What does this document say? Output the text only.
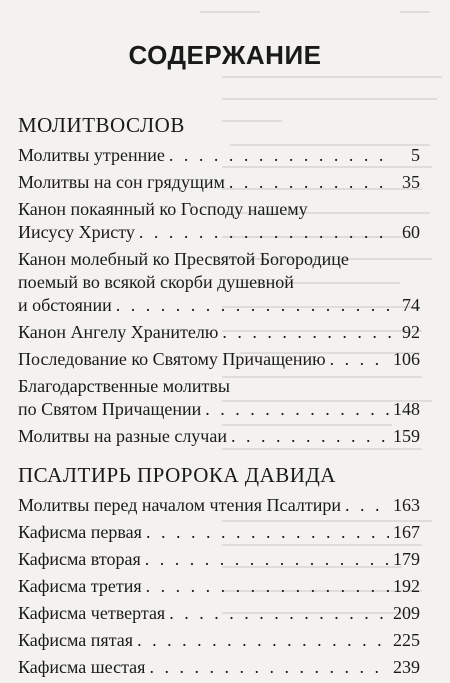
СОДЕРЖАНИЕ
МОЛИТВОСЛОВ
Молитвы утренние . . .	5
Молитвы на сон грядущим . . .	35
Канон покаянный ко Господу нашему
Иисусу Христу . . .	60
Канон молебный ко Пресвятой Богородице
поемый во всякой скорби душевной
и обстоянии . . .	74
Канон Ангелу Хранителю . . .	92
Последование ко Святому Причащению . . .	106
Благодарственные молитвы
по Святом Причащении . . .	148
Молитвы на разные случаи . . .	159
ПСАЛТИРЬ ПРОРОКА ДАВИДА
Молитвы перед началом чтения Псалтири . . .	163
Кафисма первая . . .	167
Кафисма вторая . . .	179
Кафисма третия . . .	192
Кафисма четвертая . . .	209
Кафисма пятая . . .	225
Кафисма шестая . . .	239
